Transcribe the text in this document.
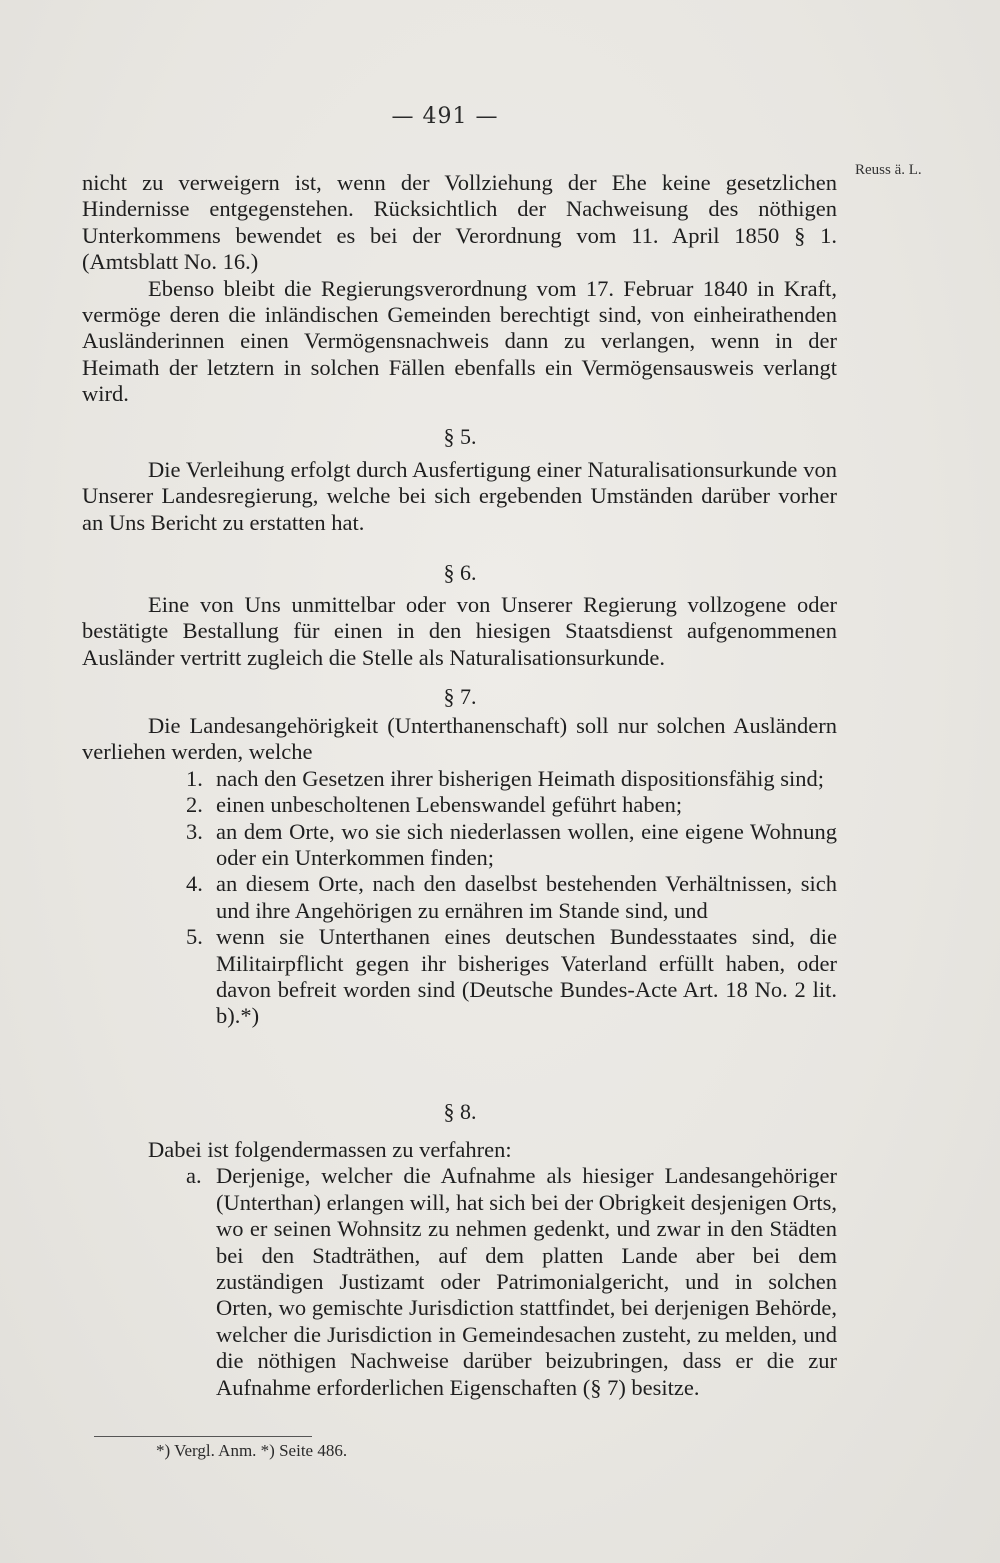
— 491 —
Reuss ä. L.

nicht zu verweigern ist, wenn der Vollziehung der Ehe keine gesetzlichen Hindernisse entgegenstehen. Rücksichtlich der Nachweisung des nöthigen Unterkommens bewendet es bei der Verordnung vom 11. April 1850 § 1. (Amtsblatt No. 16.)

Ebenso bleibt die Regierungsverordnung vom 17. Februar 1840 in Kraft, vermöge deren die inländischen Gemeinden berechtigt sind, von einheirathenden Ausländerinnen einen Vermögensnachweis dann zu verlangen, wenn in der Heimath der letztern in solchen Fällen ebenfalls ein Vermögensausweis verlangt wird.

§ 5.

Die Verleihung erfolgt durch Ausfertigung einer Naturalisationsurkunde von Unserer Landesregierung, welche bei sich ergebenden Umständen darüber vorher an Uns Bericht zu erstatten hat.

§ 6.

Eine von Uns unmittelbar oder von Unserer Regierung vollzogene oder bestätigte Bestallung für einen in den hiesigen Staatsdienst aufgenommenen Ausländer vertritt zugleich die Stelle als Naturalisationsurkunde.

§ 7.

Die Landesangehörigkeit (Unterthanenschaft) soll nur solchen Ausländern verliehen werden, welche

1. nach den Gesetzen ihrer bisherigen Heimath dispositionsfähig sind;
2. einen unbescholtenen Lebenswandel geführt haben;
3. an dem Orte, wo sie sich niederlassen wollen, eine eigene Wohnung oder ein Unterkommen finden;
4. an diesem Orte, nach den daselbst bestehenden Verhältnissen, sich und ihre Angehörigen zu ernähren im Stande sind, und
5. wenn sie Unterthanen eines deutschen Bundesstaates sind, die Militairpflicht gegen ihr bisheriges Vaterland erfüllt haben, oder davon befreit worden sind (Deutsche Bundes-Acte Art. 18 No. 2 lit. b).*)
§ 8.

Dabei ist folgendermassen zu verfahren:

a. Derjenige, welcher die Aufnahme als hiesiger Landesangehöriger (Unterthan) erlangen will, hat sich bei der Obrigkeit desjenigen Orts, wo er seinen Wohnsitz zu nehmen gedenkt, und zwar in den Städten bei den Stadträthen, auf dem platten Lande aber bei dem zuständigen Justizamt oder Patrimonialgericht, und in solchen Orten, wo gemischte Jurisdiction stattfindet, bei derjenigen Behörde, welcher die Jurisdiction in Gemeindesachen zusteht, zu melden, und die nöthigen Nachweise darüber beizubringen, dass er die zur Aufnahme erforderlichen Eigenschaften (§ 7) besitze.
*) Vergl. Anm. *) Seite 486.
